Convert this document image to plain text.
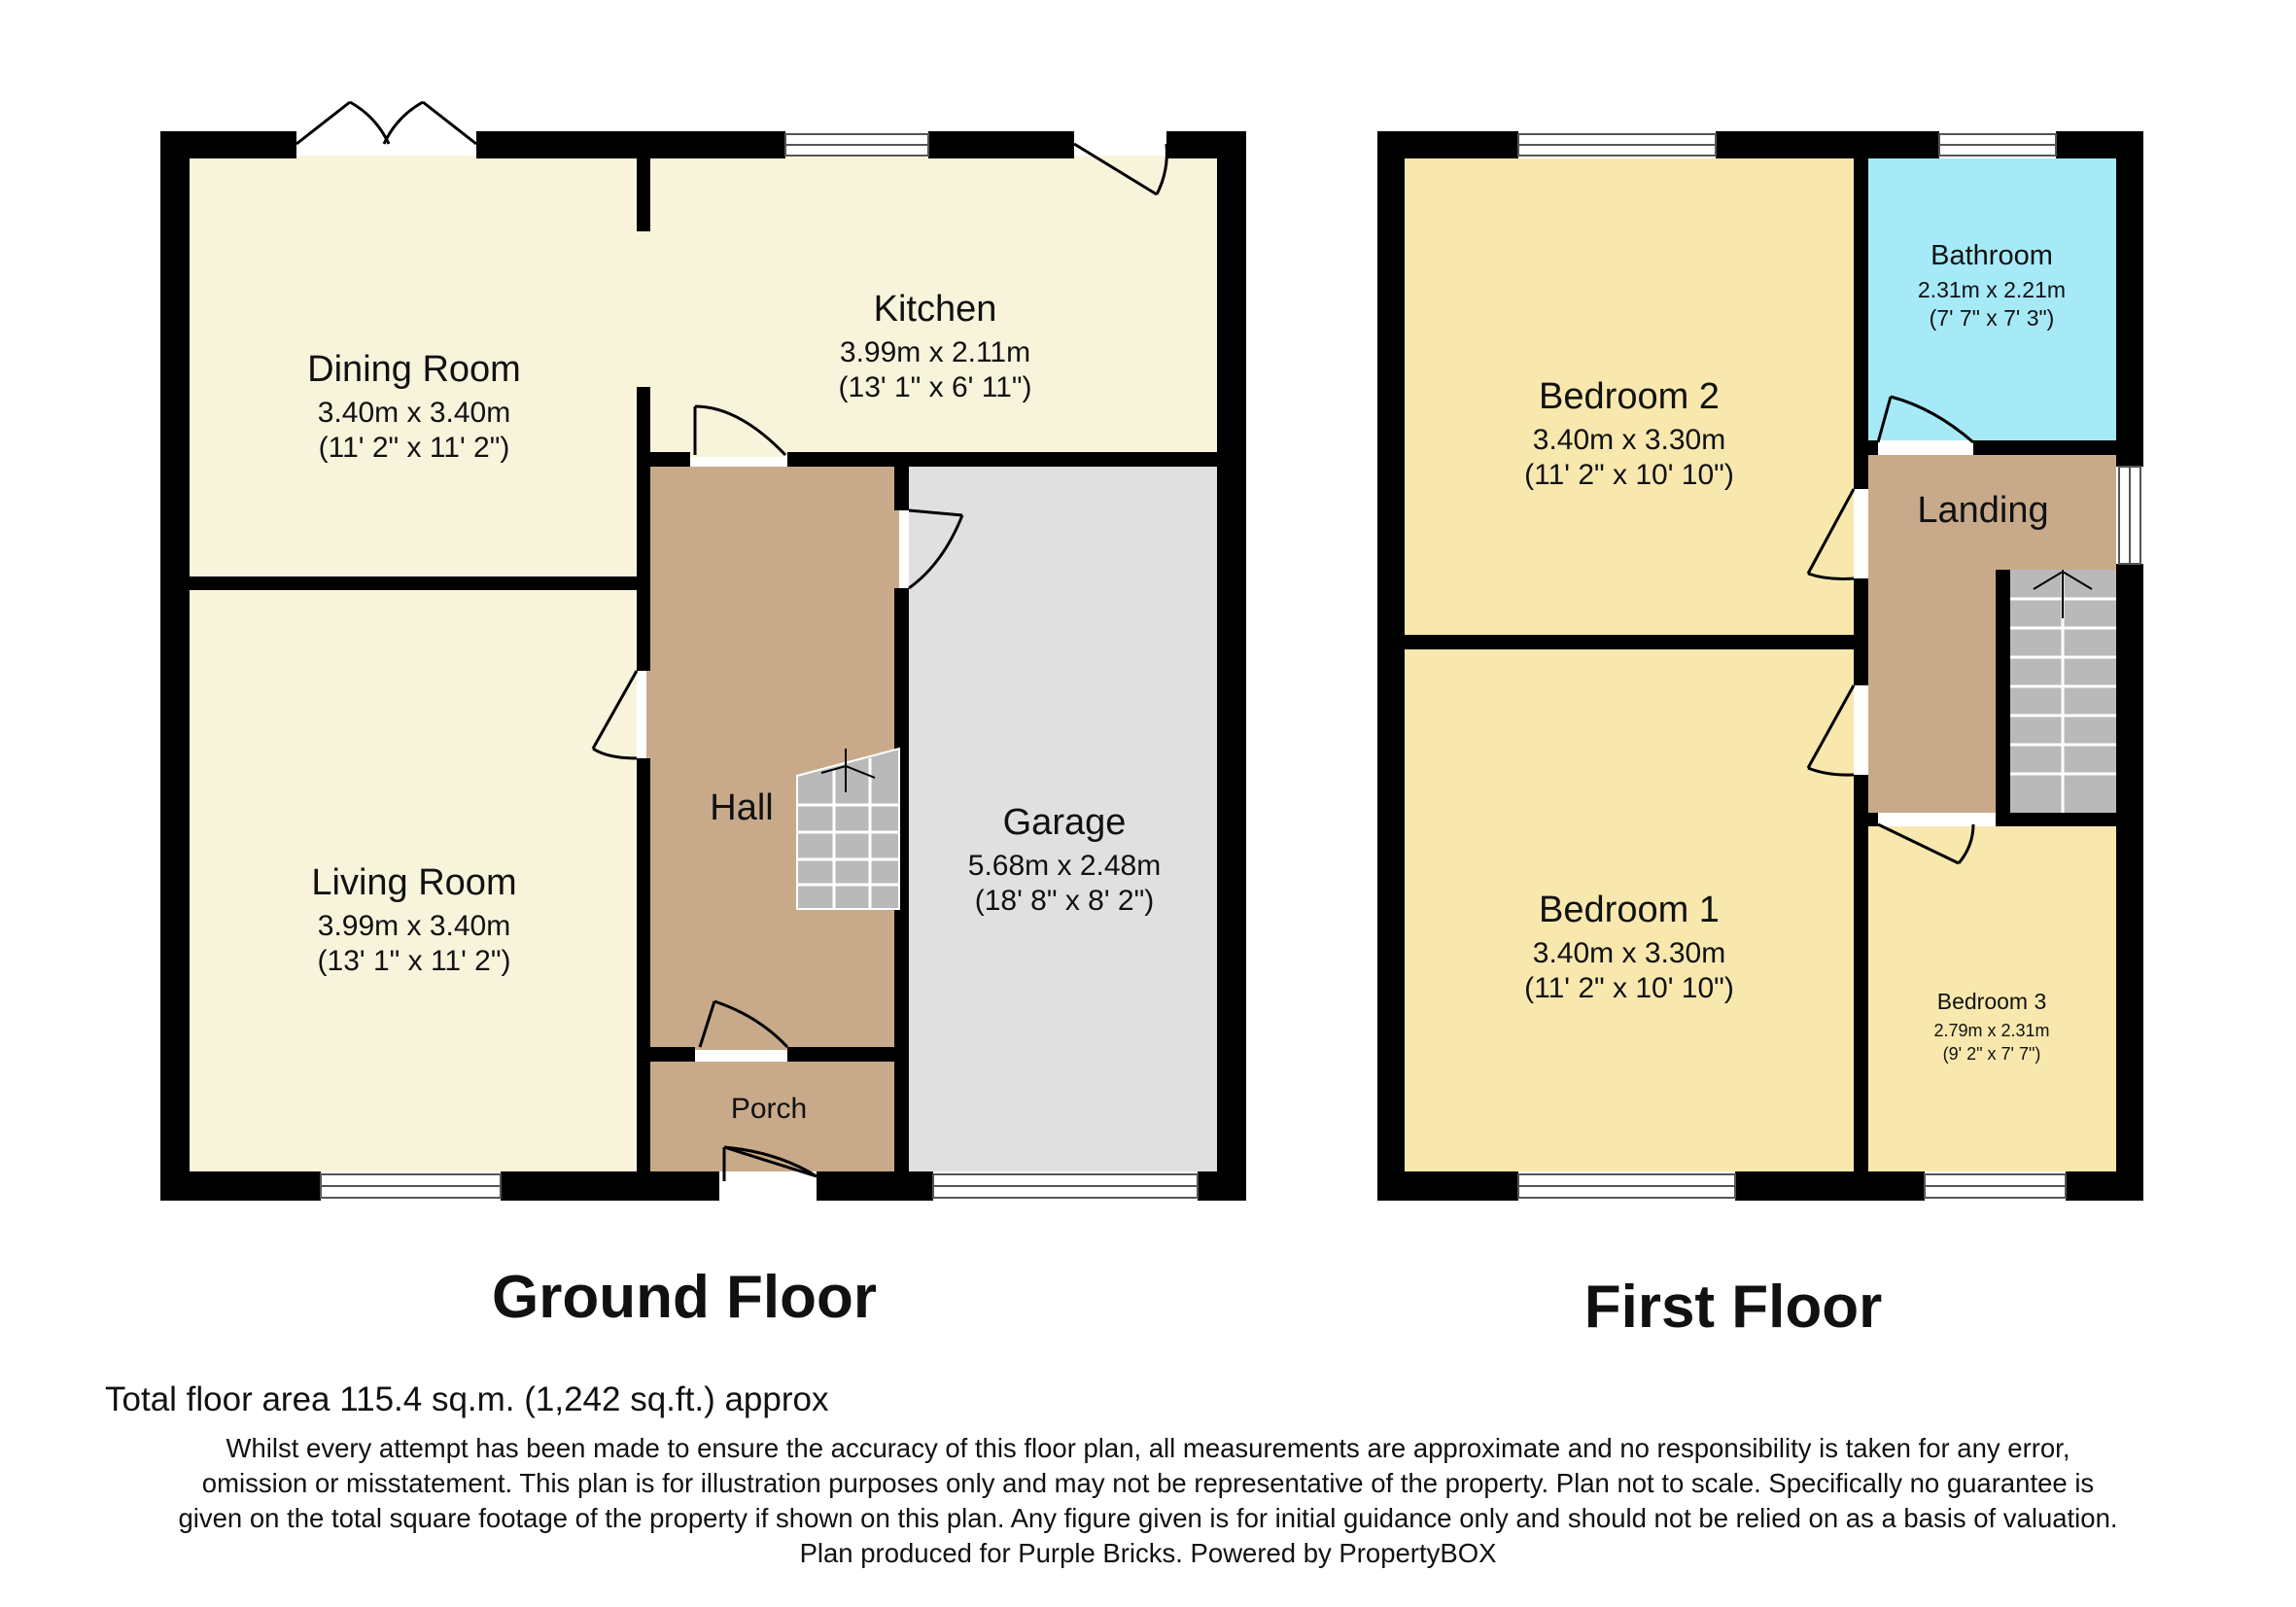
Dining Room
3.40m x 3.40m
(11' 2" x 11' 2")
Kitchen
3.99m x 2.11m
(13' 1" x 6' 11")
Living Room
3.99m x 3.40m
(13' 1" x 11' 2")
Hall	Garage
5.68m x 2.48m
(18' 8" x 8' 2")
Porch
Ground Floor
Bedroom 2
3.40m x 3.30m
(11' 2" x 10' 10")
Bathroom
2.31m x 2.21m
(7' 7" x 7' 3")
Landing
Bedroom 1
3.40m x 3.30m
(11' 2" x 10' 10")	Bedroom 3
2.79m x 2.31m
(9' 2" x 7' 7")
First Floor
Total floor area 115.4 sq.m. (1,242 sq.ft.) approx
Whilst every attempt has been made to ensure the accuracy of this floor plan, all measurements are approximate and no responsibility is taken for any error,
omission or misstatement. This plan is for illustration purposes only and may not be representative of the property. Plan not to scale. Specifically no guarantee is
given on the total square footage of the property if shown on this plan. Any figure given is for initial guidance only and should not be relied on as a basis of valuation.
Plan produced for Purple Bricks. Powered by PropertyBOX
